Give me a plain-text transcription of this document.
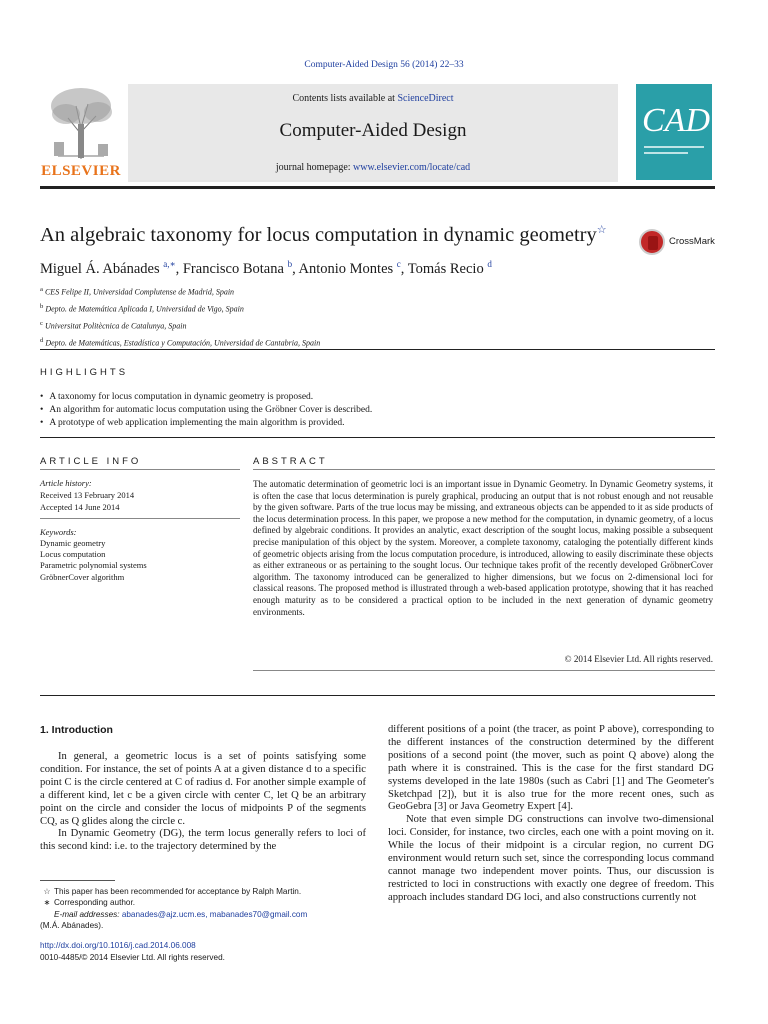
Computer-Aided Design 56 (2014) 22–33
ELSEVIER
Contents lists available at ScienceDirect
Computer-Aided Design
journal homepage: www.elsevier.com/locate/cad
CAD
An algebraic taxonomy for locus computation in dynamic geometry☆
CrossMark
Miguel Á. Abánades $^{a,∗}$, Francisco Botana $^b$, Antonio Montes $^c$, Tomás Recio $^d$
$^a$ CES Felipe II, Universidad Complutense de Madrid, Spain
$^b$ Depto. de Matemática Aplicada I, Universidad de Vigo, Spain
$^c$ Universitat Politècnica de Catalunya, Spain
$^d$ Depto. de Matemáticas, Estadística y Computación, Universidad de Cantabria, Spain
HIGHLIGHTS
• A taxonomy for locus computation in dynamic geometry is proposed.
• An algorithm for automatic locus computation using the Gröbner Cover is described.
• A prototype of web application implementing the main algorithm is provided.
ARTICLE INFO
Article history:
Received 13 February 2014
Accepted 14 June 2014
Keywords:
Dynamic geometry
Locus computation
Parametric polynomial systems
GröbnerCover algorithm
ABSTRACT
The automatic determination of geometric loci is an important issue in Dynamic Geometry. In Dynamic Geometry systems, it is often the case that locus determination is purely graphical, producing an output that is not robust enough and not reusable by the given software. Parts of the true locus may be missing, and extraneous objects can be appended to it as side products of the locus determination process. In this paper, we propose a new method for the computation, in dynamic geometry, of a locus defined by algebraic conditions. It provides an analytic, exact description of the sought locus, making possible a subsequent precise manipulation of this object by the system. Moreover, a complete taxonomy, cataloging the potentially different kinds of geometric objects arising from the locus computation procedure, is introduced, allowing to easily discriminate these objects as either extraneous or as pertaining to the sought locus. Our technique takes profit of the recently developed GröbnerCover algorithm. The taxonomy introduced can be generalized to higher dimensions, but we focus on 2-dimensional loci for classical reasons. The proposed method is illustrated through a web-based application prototype, showing that it has reached enough maturity as to be considered a practical option to be included in the next generation of dynamic geometry environments.
© 2014 Elsevier Ltd. All rights reserved.
1. Introduction

In general, a geometric locus is a set of points satisfying some condition. For instance, the set of points A at a given distance d to a specific point C is the circle centered at C of radius d. For another simple example of a different kind, let c be a given circle with center C, let Q be an arbitrary point on the circle and consider the locus of midpoints P of the segments CQ, as Q glides along the circle c.

In Dynamic Geometry (DG), the term locus generally refers to loci of this second kind: i.e. to the trajectory determined by the

different positions of a point (the tracer, as point P above), corresponding to the different instances of the construction determined by the different positions of a second point (the mover, such as point Q above) along the path where it is constrained. This is the case for the first standard DG systems developed in the late 1980s (such as Cabri [1] and The Geometer's Sketchpad [2]), but it is also true for the more recent ones, such as GeoGebra [3] or Java Geometry Expert [4].

Note that even simple DG constructions can involve two-dimensional loci. Consider, for instance, two circles, each one with a point moving on it. While the locus of their midpoint is a circular region, no current DG environment would return such set, since the corresponding locus command cannot manage two independent mover points. Thus, our discussion is restricted to loci in constructions with exactly one degree of freedom. This approach includes standard DG loci, and also constructions currently not

☆ This paper has been recommended for acceptance by Ralph Martin.
∗ Corresponding author.
E-mail addresses: abanades@ajz.ucm.es, mabanades70@gmail.com
(M.Á. Abánades).
http://dx.doi.org/10.1016/j.cad.2014.06.008
0010-4485/© 2014 Elsevier Ltd. All rights reserved.
